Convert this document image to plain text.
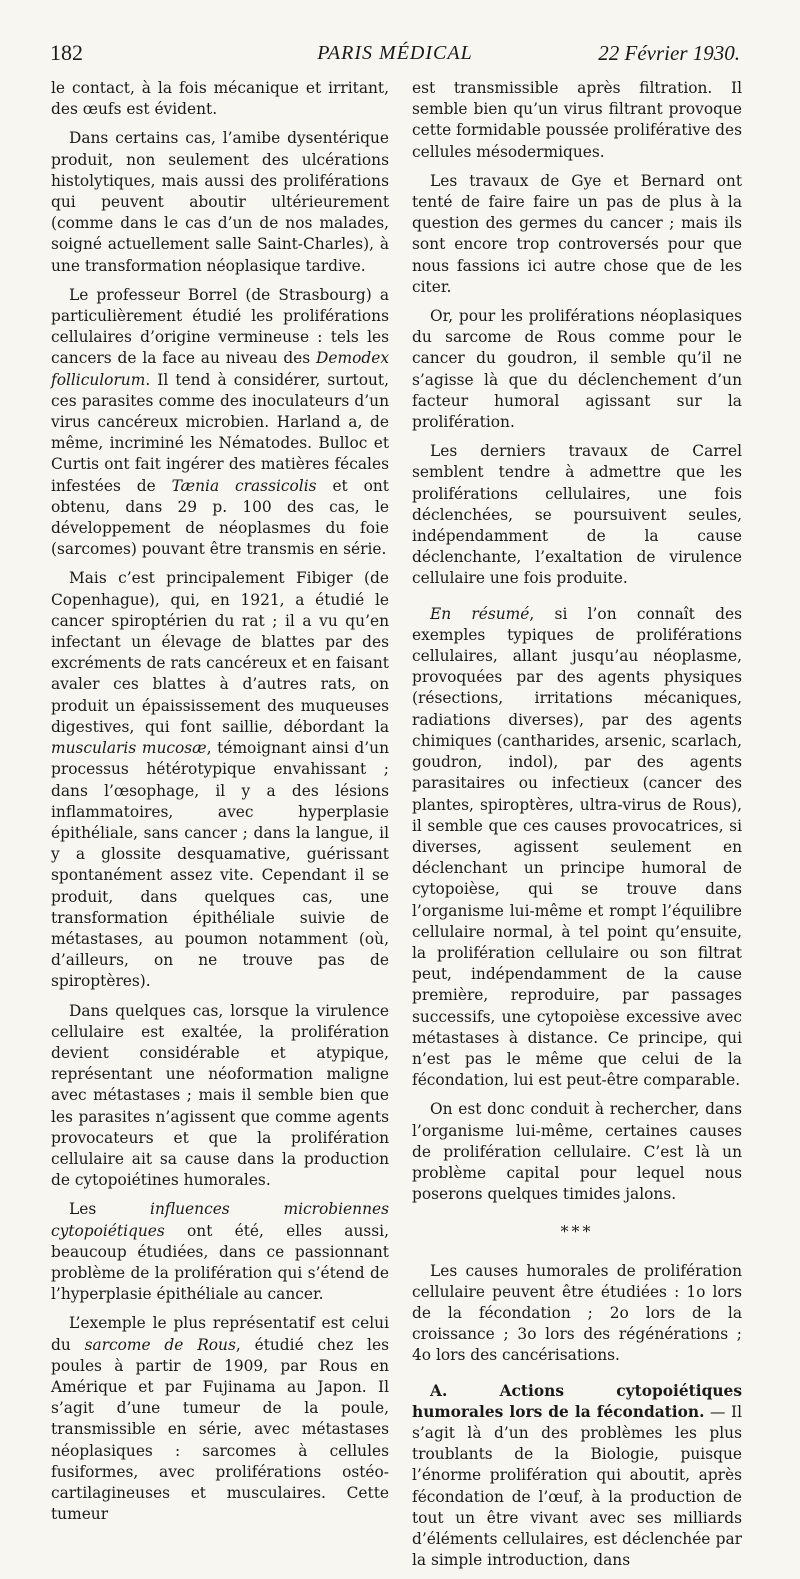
182	PARIS MÉDICAL	22 Février 1930.

le contact, à la fois mécanique et irritant, des œufs est évident.

Dans certains cas, l’amibe dysentérique produit, non seulement des ulcérations histolytiques, mais aussi des proliférations qui peuvent aboutir ultérieurement (comme dans le cas d’un de nos malades, soigné actuellement salle Saint-Charles), à une transformation néoplasique tardive.

Le professeur Borrel (de Strasbourg) a particulièrement étudié les proliférations cellulaires d’origine vermineuse : tels les cancers de la face au niveau des Demodex folliculorum. Il tend à considérer, surtout, ces parasites comme des inoculateurs d’un virus cancéreux microbien. Harland a, de même, incriminé les Nématodes. Bulloc et Curtis ont fait ingérer des matières fécales infestées de Tænia crassicolis et ont obtenu, dans 29 p. 100 des cas, le développement de néoplasmes du foie (sarcomes) pouvant être transmis en série.

Mais c’est principalement Fibiger (de Copenhague), qui, en 1921, a étudié le cancer spiroptérien du rat ; il a vu qu’en infectant un élevage de blattes par des excréments de rats cancéreux et en faisant avaler ces blattes à d’autres rats, on produit un épaississement des muqueuses digestives, qui font saillie, débordant la muscularis mucosæ, témoignant ainsi d’un processus hétérotypique envahissant ; dans l’œsophage, il y a des lésions inflammatoires, avec hyperplasie épithéliale, sans cancer ; dans la langue, il y a glossite desquamative, guérissant spontanément assez vite. Cependant il se produit, dans quelques cas, une transformation épithéliale suivie de métastases, au poumon notamment (où, d’ailleurs, on ne trouve pas de spiroptères).

Dans quelques cas, lorsque la virulence cellulaire est exaltée, la prolifération devient considérable et atypique, représentant une néoformation maligne avec métastases ; mais il semble bien que les parasites n’agissent que comme agents provocateurs et que la prolifération cellulaire ait sa cause dans la production de cytopoiétines humorales.

Les influences microbiennes cytopoiétiques ont été, elles aussi, beaucoup étudiées, dans ce passionnant problème de la prolifération qui s’étend de l’hyperplasie épithéliale au cancer.

L’exemple le plus représentatif est celui du sarcome de Rous, étudié chez les poules à partir de 1909, par Rous en Amérique et par Fujinama au Japon. Il s’agit d’une tumeur de la poule, transmissible en série, avec métastases néoplasiques : sarcomes à cellules fusiformes, avec proliférations ostéo-cartilagineuses et musculaires. Cette tumeur

est transmissible après filtration. Il semble bien qu’un virus filtrant provoque cette formidable poussée proliférative des cellules mésodermiques.

Les travaux de Gye et Bernard ont tenté de faire faire un pas de plus à la question des germes du cancer ; mais ils sont encore trop controversés pour que nous fassions ici autre chose que de les citer.

Or, pour les proliférations néoplasiques du sarcome de Rous comme pour le cancer du goudron, il semble qu’il ne s’agisse là que du déclenchement d’un facteur humoral agissant sur la prolifération.

Les derniers travaux de Carrel semblent tendre à admettre que les proliférations cellulaires, une fois déclenchées, se poursuivent seules, indépendamment de la cause déclenchante, l’exaltation de virulence cellulaire une fois produite.

En résumé, si l’on connaît des exemples typiques de proliférations cellulaires, allant jusqu’au néoplasme, provoquées par des agents physiques (résections, irritations mécaniques, radiations diverses), par des agents chimiques (cantharides, arsenic, scarlach, goudron, indol), par des agents parasitaires ou infectieux (cancer des plantes, spiroptères, ultra-virus de Rous), il semble que ces causes provocatrices, si diverses, agissent seulement en déclenchant un principe humoral de cytopoièse, qui se trouve dans l’organisme lui-même et rompt l’équilibre cellulaire normal, à tel point qu’ensuite, la prolifération cellulaire ou son filtrat peut, indépendamment de la cause première, reproduire, par passages successifs, une cytopoièse excessive avec métastases à distance. Ce principe, qui n’est pas le même que celui de la fécondation, lui est peut-être comparable.

On est donc conduit à rechercher, dans l’organisme lui-même, certaines causes de prolifération cellulaire. C’est là un problème capital pour lequel nous poserons quelques timides jalons.

***

Les causes humorales de prolifération cellulaire peuvent être étudiées : 1o lors de la fécondation ; 2o lors de la croissance ; 3o lors des régénérations ; 4o lors des cancérisations.

A. Actions cytopoiétiques humorales lors de la fécondation. — Il s’agit là d’un des problèmes les plus troublants de la Biologie, puisque l’énorme prolifération qui aboutit, après fécondation de l’œuf, à la production de tout un être vivant avec ses milliards d’éléments cellulaires, est déclenchée par la simple introduction, dans
